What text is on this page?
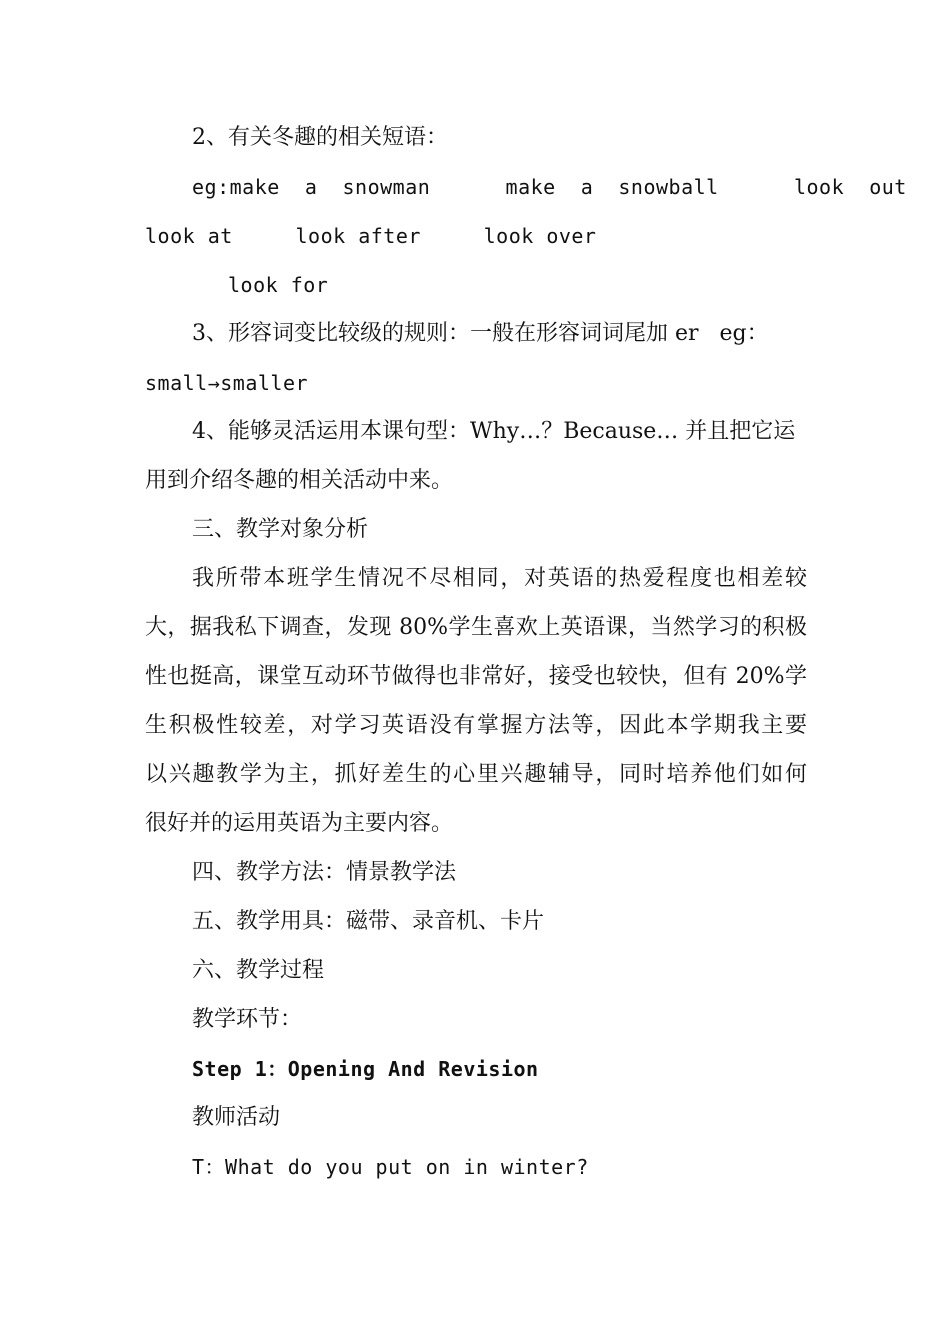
2、有关冬趣的相关短语：
eg:make  a  snowman      make  a  snowball      look  out
look at     look after     look over
look for
3、形容词变比较级的规则：一般在形容词词尾加 er   eg：
small→smaller
4、能够灵活运用本课句型：Why…？Because… 并且把它运
用到介绍冬趣的相关活动中来。
三、教学对象分析
我所带本班学生情况不尽相同，对英语的热爱程度也相差较
大，据我私下调查，发现 80%学生喜欢上英语课，当然学习的积极
性也挺高，课堂互动环节做得也非常好，接受也较快，但有 20%学
生积极性较差，对学习英语没有掌握方法等，因此本学期我主要
以兴趣教学为主，抓好差生的心里兴趣辅导，同时培养他们如何
很好并的运用英语为主要内容。
四、教学方法：情景教学法
五、教学用具：磁带、录音机、卡片
六、教学过程
教学环节：
Step 1：Opening And Revision
教师活动
T：What do you put on in winter?
